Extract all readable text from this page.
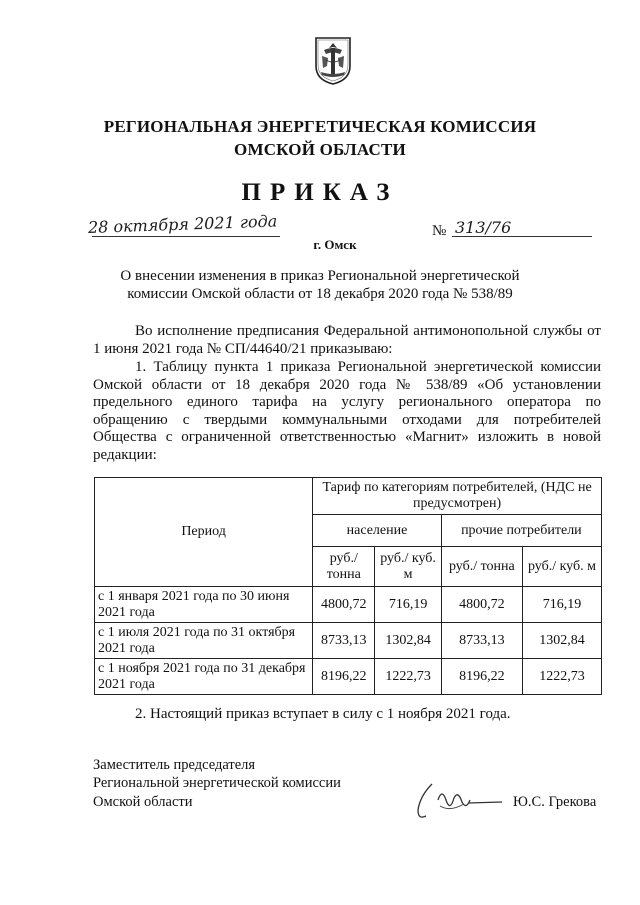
РЕГИОНАЛЬНАЯ ЭНЕРГЕТИЧЕСКАЯ КОМИССИЯ
ОМСКОЙ ОБЛАСТИ
ПРИКАЗ
28 октября 2021 года	№ 313/76
г. Омск
О внесении изменения в приказ Региональной энергетической
комиссии Омской области от 18 декабря 2020 года № 538/89
Во исполнение предписания Федеральной антимонопольной службы от 1 июня 2021 года № СП/44640/21 приказываю:
1. Таблицу пункта 1 приказа Региональной энергетической комиссии Омской области от 18 декабря 2020 года № 538/89 «Об установлении предельного единого тарифа на услугу регионального оператора по обращению с твердыми коммунальными отходами для потребителей Общества с ограниченной ответственностью «Магнит» изложить в новой редакции:
Период	Тариф по категориям потребителей, (НДС не предусмотрен)			
	население		прочие потребители	
	руб./ тонна	руб./ куб. м	руб./ тонна	руб./ куб. м
с 1 января 2021 года по 30 июня 2021 года	4800,72	716,19	4800,72	716,19
с 1 июля 2021 года по 31 октября 2021 года	8733,13	1302,84	8733,13	1302,84
с 1 ноября 2021 года по 31 декабря 2021 года	8196,22	1222,73	8196,22	1222,73
2. Настоящий приказ вступает в силу с 1 ноября 2021 года.
Заместитель председателя
Региональной энергетической комиссии
Омской области	Ю.С. Грекова
